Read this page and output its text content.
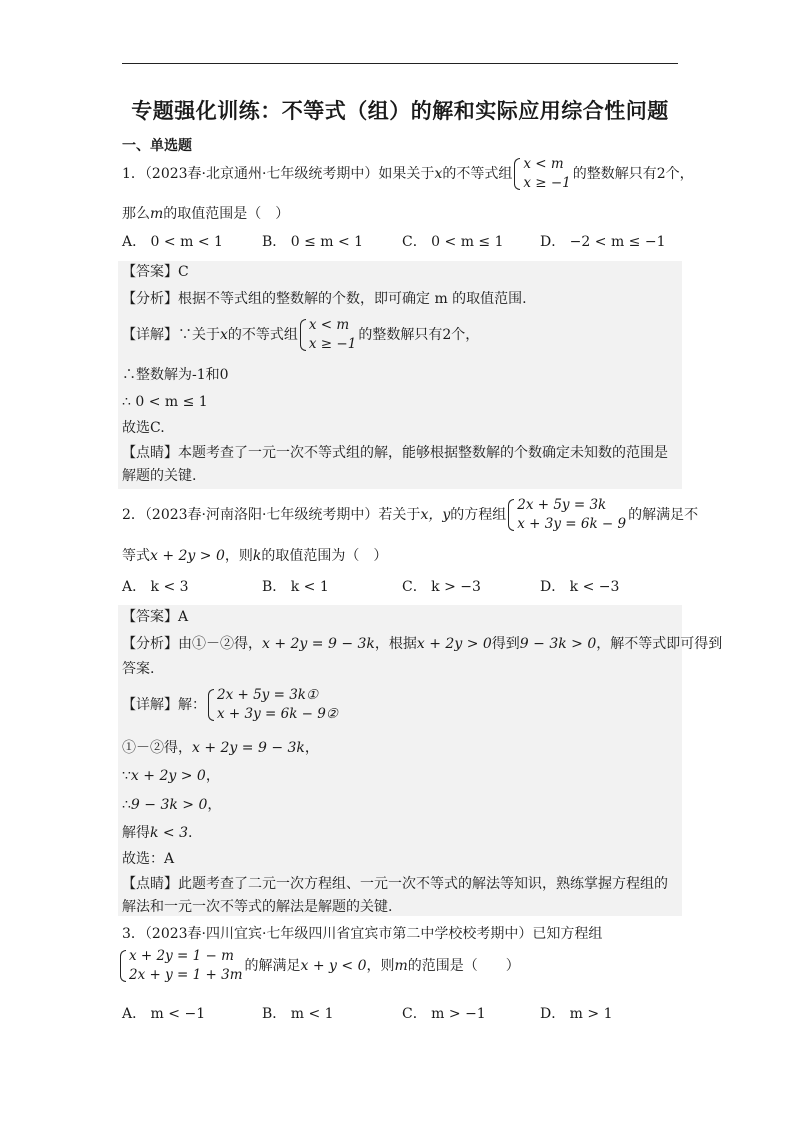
专题强化训练：不等式（组）的解和实际应用综合性问题
一、单选题
1．（2023春·北京通州·七年级统考期中）如果关于x的不等式组
x < m
x ≥ −1
的整数解只有2个，
那么m的取值范围是（　）
A． 0 < m < 1	B． 0 ≤ m < 1	C． 0 < m ≤ 1	D． −2 < m ≤ −1
【答案】C
【分析】根据不等式组的整数解的个数，即可确定 m 的取值范围.
【详解】∵关于x的不等式组
x < m
x ≥ −1
的整数解只有2个，
∴整数解为-1和0
∴ 0 < m ≤ 1
故选C.
【点睛】本题考查了一元一次不等式组的解，能够根据整数解的个数确定未知数的范围是
解题的关键.
2．（2023春·河南洛阳·七年级统考期中）若关于x，y的方程组
2x + 5y = 3k
x + 3y = 6k − 9
的解满足不
等式x + 2y > 0，则k的取值范围为（　）
A． k < 3	B． k < 1	C． k > −3	D． k < −3
【答案】A
【分析】由①－②得，x + 2y = 9 − 3k，根据x + 2y > 0得到9 − 3k > 0，解不等式即可得到
答案.
【详解】解：
2x + 5y = 3k①
x + 3y = 6k − 9②
①－②得，x + 2y = 9 − 3k，
∵x + 2y > 0，
∴9 − 3k > 0，
解得k < 3.
故选：A
【点睛】此题考查了二元一次方程组、一元一次不等式的解法等知识，熟练掌握方程组的
解法和一元一次不等式的解法是解题的关键.
3．（2023春·四川宜宾·七年级四川省宜宾市第二中学校校考期中）已知方程组
x + 2y = 1 − m
2x + y = 1 + 3m
的解满足x + y < 0，则m的范围是（　　）
A． m < −1	B． m < 1	C． m > −1	D． m > 1
